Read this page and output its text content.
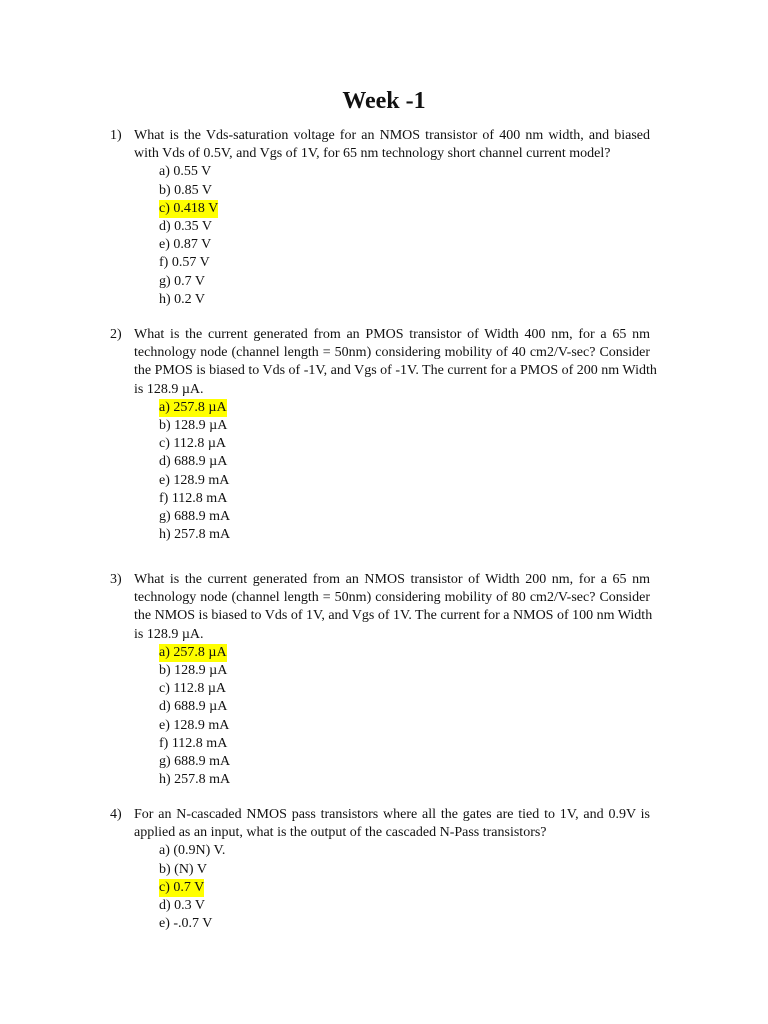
Week -1
1) What is the Vds-saturation voltage for an NMOS transistor of 400 nm width, and biased
with Vds of 0.5V, and Vgs of 1V, for 65 nm technology short channel current model?

a) 0.55 V
b) 0.85 V
c) 0.418 V
d) 0.35 V
e) 0.87 V
f) 0.57 V
g) 0.7 V
h) 0.2 V
2) What is the current generated from an PMOS transistor of Width 400 nm, for a 65 nm
technology node (channel length = 50nm) considering mobility of 40 cm2/V-sec? Consider
the PMOS is biased to Vds of -1V, and Vgs of -1V. The current for a PMOS of 200 nm Width
is 128.9 µA.

a) 257.8 µA
b) 128.9 µA
c) 112.8 µA
d) 688.9 µA
e) 128.9 mA
f) 112.8 mA
g) 688.9 mA
h) 257.8 mA
3) What is the current generated from an NMOS transistor of Width 200 nm, for a 65 nm
technology node (channel length = 50nm) considering mobility of 80 cm2/V-sec? Consider
the NMOS is biased to Vds of 1V, and Vgs of 1V. The current for a NMOS of 100 nm Width
is 128.9 µA.

a) 257.8 µA
b) 128.9 µA
c) 112.8 µA
d) 688.9 µA
e) 128.9 mA
f) 112.8 mA
g) 688.9 mA
h) 257.8 mA
4) For an N-cascaded NMOS pass transistors where all the gates are tied to 1V, and 0.9V is
applied as an input, what is the output of the cascaded N-Pass transistors?

a) (0.9N) V.
b) (N) V
c) 0.7 V
d) 0.3 V
e) -.0.7 V
